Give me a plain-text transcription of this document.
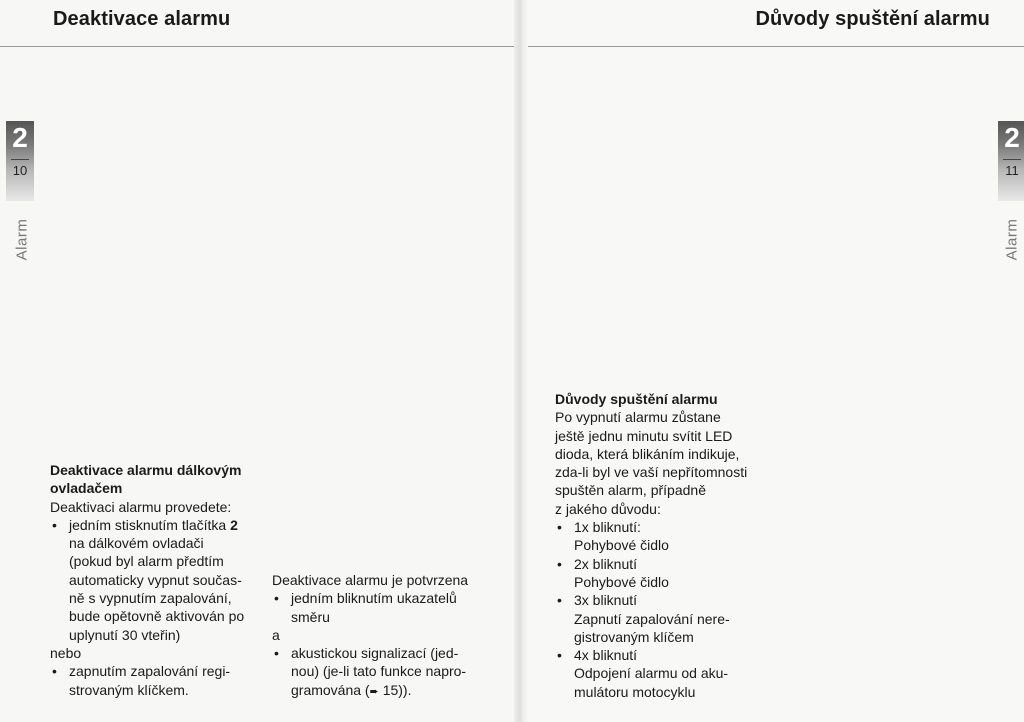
Deaktivace alarmu
2
10
Alarm
Deaktivace alarmu dálkovým
ovladačem

Deaktivaci alarmu provedete:

• jedním stisknutím tlačítka 2
na dálkovém ovladači
(pokud byl alarm předtím
automaticky vypnut součas-
ně s vypnutím zapalování,
bude opětovně aktivován po
uplynutí 30 vteřin)

nebo

• zapnutím zapalování regi-
strovaným klíčkem.

Deaktivace alarmu je potvrzena

• jedním bliknutím ukazatelů
směru

a

• akustickou signalizací (jed-
nou) (je-li tato funkce napro-
gramována (➨ 15)).
Důvody spuštění alarmu
2
11
Alarm
Důvody spuštění alarmu

Po vypnutí alarmu zůstane
ještě jednu minutu svítit LED
dioda, která blikáním indikuje,
zda-li byl ve vaší nepřítomnosti
spuštěn alarm, případně
z jakého důvodu:

• 1x bliknutí:
Pohybové čidlo
• 2x bliknutí
Pohybové čidlo
• 3x bliknutí
Zapnutí zapalování nere-
gistrovaným klíčem
• 4x bliknutí
Odpojení alarmu od aku-
mulátoru motocyklu
